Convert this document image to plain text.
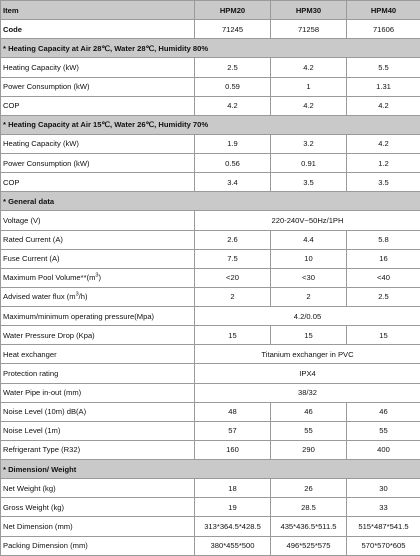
Item	HPM20	HPM30	HPM40
Code	71245	71258	71606
* Heating Capacity at Air 28℃, Water 28℃, Humidity 80%			
Heating Capacity (kW)	2.5	4.2	5.5
Power Consumption (kW)	0.59	1	1.31
COP	4.2	4.2	4.2
* Heating Capacity at Air 15℃, Water 26℃, Humidity 70%			
Heating Capacity (kW)	1.9	3.2	4.2
Power Consumption (kW)	0.56	0.91	1.2
COP	3.4	3.5	3.5
* General data			
Voltage (V)	220-240V~50Hz/1PH		
Rated Current (A)	2.6	4.4	5.8
Fuse Current (A)	7.5	10	16
Maximum Pool $Volume**(m^3)$	<20	<30	<40
Advised water flux $(m^3/h)$	2	2	2.5
Maximum/minimum operating pressure(Mpa)	4.2/0.05		
Water Pressure Drop (Kpa)	15	15	15
Heat exchanger	Titanium exchanger in PVC		
Protection rating	IPX4		
Water Pipe in-out (mm)	38/32		
Noise Level (10m) dB(A)	48	46	46
Noise Level (1m)	57	55	55
Refrigerant Type (R32)	160	290	400
* Dimension/ Weight			
Net Weight (kg)	18	26	30
Gross Weight (kg)	19	28.5	33
Net Dimension (mm)	313*364.5*428.5	435*436.5*511.5	515*487*541.5
Packing Dimension (mm)	380*455*500	496*525*575	570*570*605
